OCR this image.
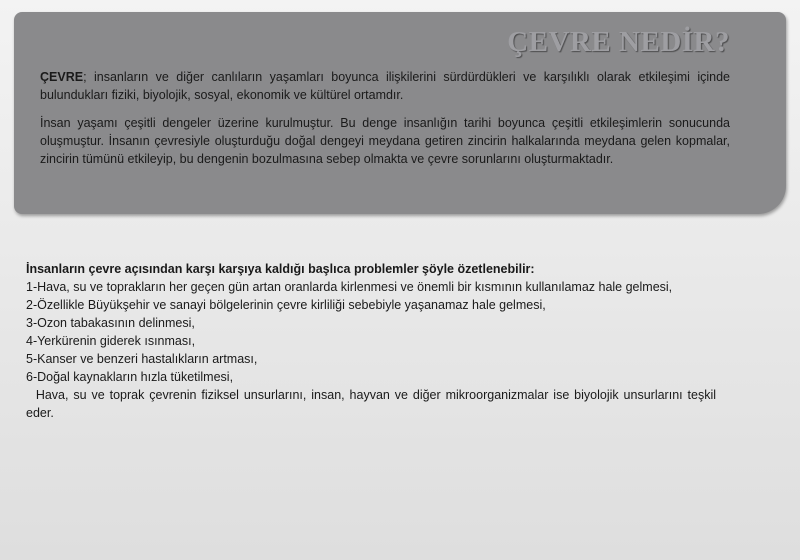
ÇEVRE NEDİR?

ÇEVRE; insanların ve diğer canlıların yaşamları boyunca ilişkilerini sürdürdükleri ve karşılıklı olarak etkileşimi içinde bulundukları fiziki, biyolojik, sosyal, ekonomik ve kültürel ortamdır.

İnsan yaşamı çeşitli dengeler üzerine kurulmuştur. Bu denge insanlığın tarihi boyunca çeşitli etkileşimlerin sonucunda oluşmuştur. İnsanın çevresiyle oluşturduğu doğal dengeyi meydana getiren zincirin halkalarında meydana gelen kopmalar, zincirin tümünü etkileyip, bu dengenin bozulmasına sebep olmakta ve çevre sorunlarını oluşturmaktadır.

İnsanların çevre açısından karşı karşıya kaldığı başlıca problemler şöyle özetlenebilir:
1-Hava, su ve toprakların her geçen gün artan oranlarda kirlenmesi ve önemli bir kısmının kullanılamaz hale gelmesi,
2-Özellikle Büyükşehir ve sanayi bölgelerinin çevre kirliliği sebebiyle yaşanamaz hale gelmesi,
3-Ozon tabakasının delinmesi,
4-Yerkürenin giderek ısınması,
5-Kanser ve benzeri hastalıkların artması,
6-Doğal kaynakların hızla tüketilmesi,
Hava, su ve toprak çevrenin fiziksel unsurlarını, insan, hayvan ve diğer mikroorganizmalar ise biyolojik unsurlarını teşkil eder.
